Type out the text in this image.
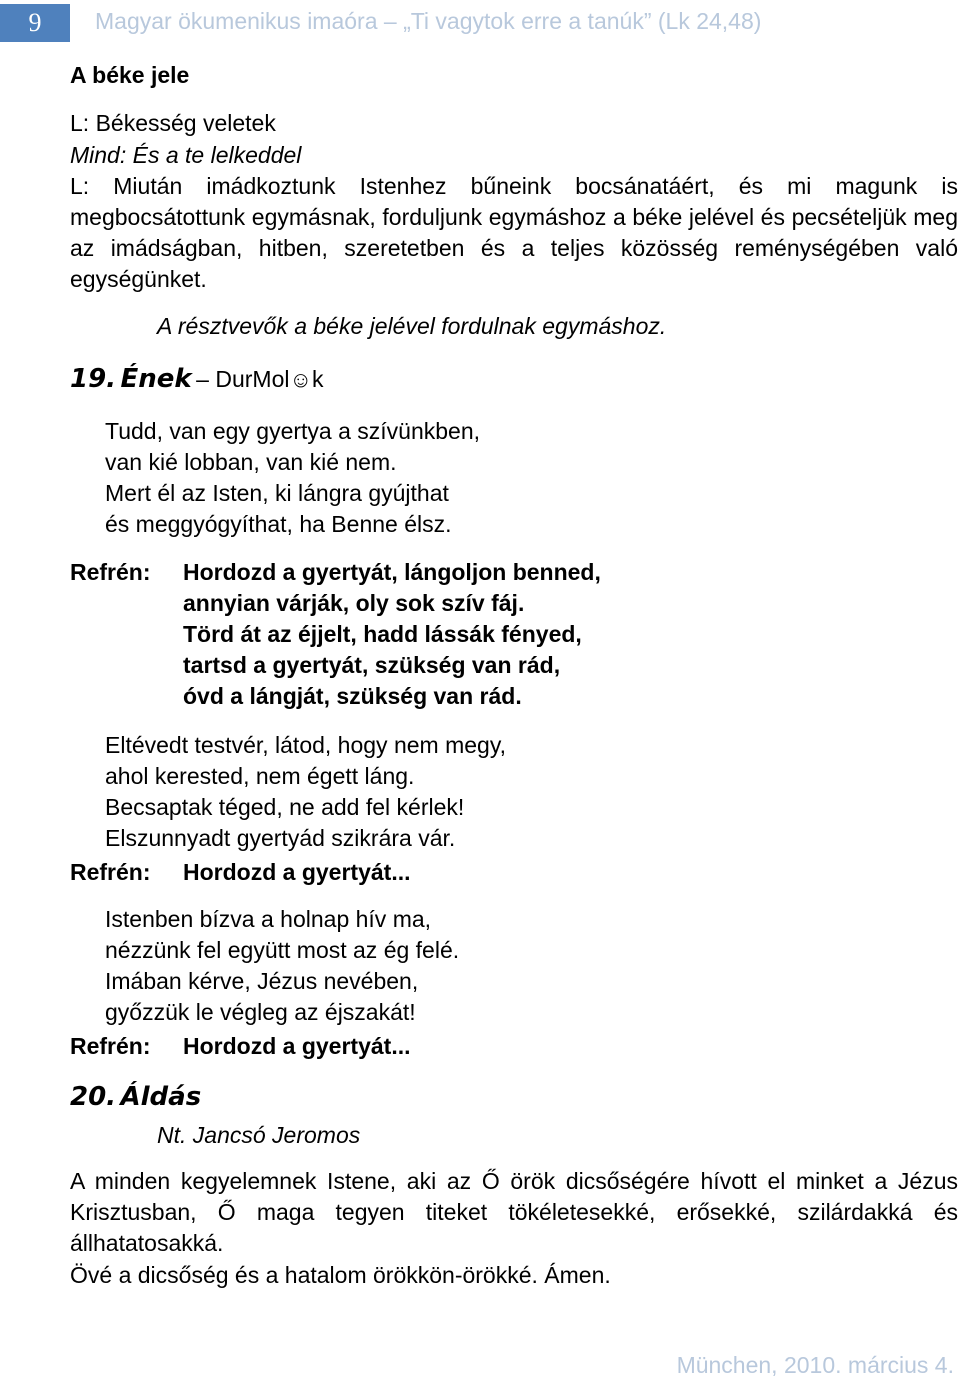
9	Magyar ökumenikus imaóra – „Ti vagytok erre a tanúk” (Lk 24,48)
A béke jele
L: Békesség veletek
Mind: És a te lelkeddel
L: Miután imádkoztunk Istenhez bűneink bocsánatáért, és mi magunk is megbocsátottunk egymásnak, forduljunk egymáshoz a béke jelével és pecsételjük meg az imádságban, hitben, szeretetben és a teljes közösség reménységében való egységünket.
A résztvevők a béke jelével fordulnak egymáshoz.
19. Ének – DurMol☺k
Tudd, van egy gyertya a szívünkben,
van kié lobban, van kié nem.
Mert él az Isten, ki lángra gyújthat
és meggyógyíthat, ha Benne élsz.
Refrén: Hordozd a gyertyát, lángoljon benned,
annyian várják, oly sok szív fáj.
Törd át az éjjelt, hadd lássák fényed,
tartsd a gyertyát, szükség van rád,
óvd a lángját, szükség van rád.
Eltévedt testvér, látod, hogy nem megy,
ahol kerested, nem égett láng.
Becsaptak téged, ne add fel kérlek!
Elszunnyadt gyertyád szikrára vár.
Refrén: Hordozd a gyertyát...
Istenben bízva a holnap hív ma,
nézzünk fel együtt most az ég felé.
Imában kérve, Jézus nevében,
győzzük le végleg az éjszakát!
Refrén: Hordozd a gyertyát...
20. Áldás
Nt. Jancsó Jeromos
A minden kegyelemnek Istene, aki az Ő örök dicsőségére hívott el minket a Jézus Krisztusban, Ő maga tegyen titeket tökéletesekké, erősekké, szilárdakká és állhatatosakká.
Övé a dicsőség és a hatalom örökkön-örökké. Ámen.
München, 2010. március 4.
